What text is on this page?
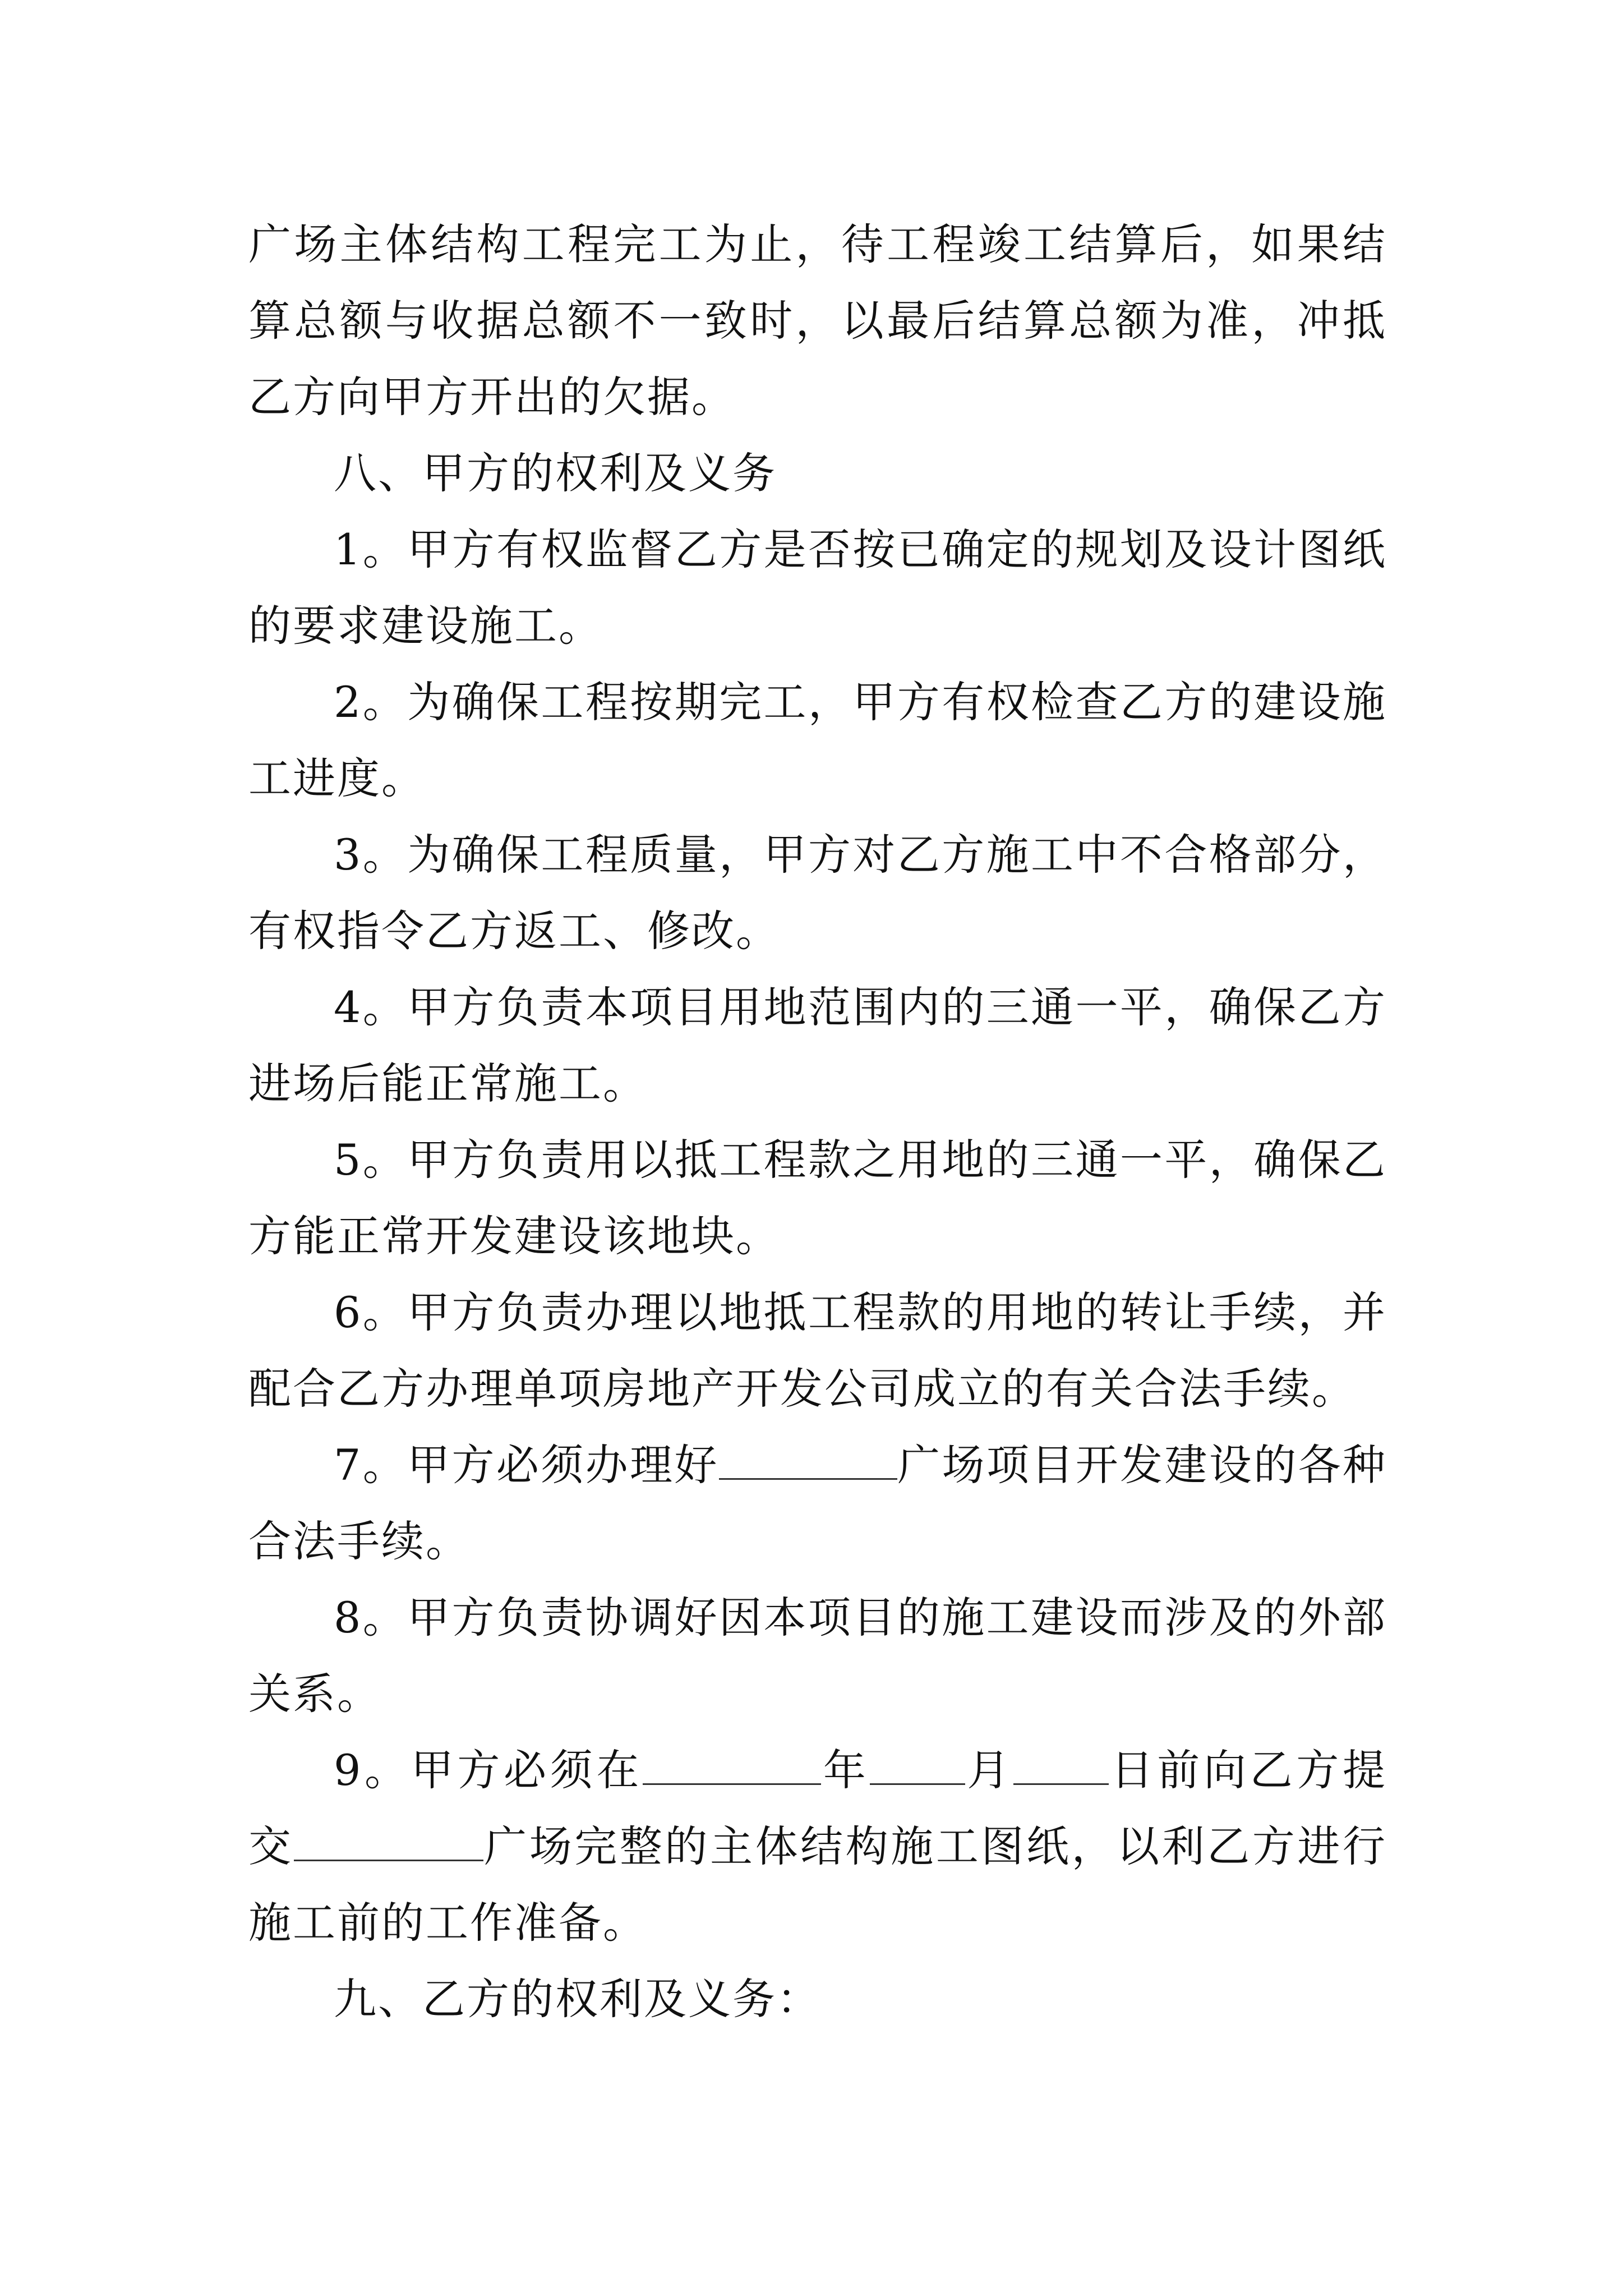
广场主体结构工程完工为止，待工程竣工结算后，如果结算总额与收据总额不一致时，以最后结算总额为准，冲抵乙方向甲方开出的欠据。

八、甲方的权利及义务

1。甲方有权监督乙方是否按已确定的规划及设计图纸的要求建设施工。

2。为确保工程按期完工，甲方有权检查乙方的建设施工进度。

3。为确保工程质量，甲方对乙方施工中不合格部分，有权指令乙方返工、修改。

4。甲方负责本项目用地范围内的三通一平，确保乙方进场后能正常施工。

5。甲方负责用以抵工程款之用地的三通一平，确保乙方能正常开发建设该地块。

6。甲方负责办理以地抵工程款的用地的转让手续，并配合乙方办理单项房地产开发公司成立的有关合法手续。

7。甲方必须办理好	广场项目开发建设的各种合法手续。

8。甲方负责协调好因本项目的施工建设而涉及的外部关系。

9。甲方必须在	年 月 日前向乙方提交	广场完整的主体结构施工图纸，以利乙方进行施工前的工作准备。

九、乙方的权利及义务：
